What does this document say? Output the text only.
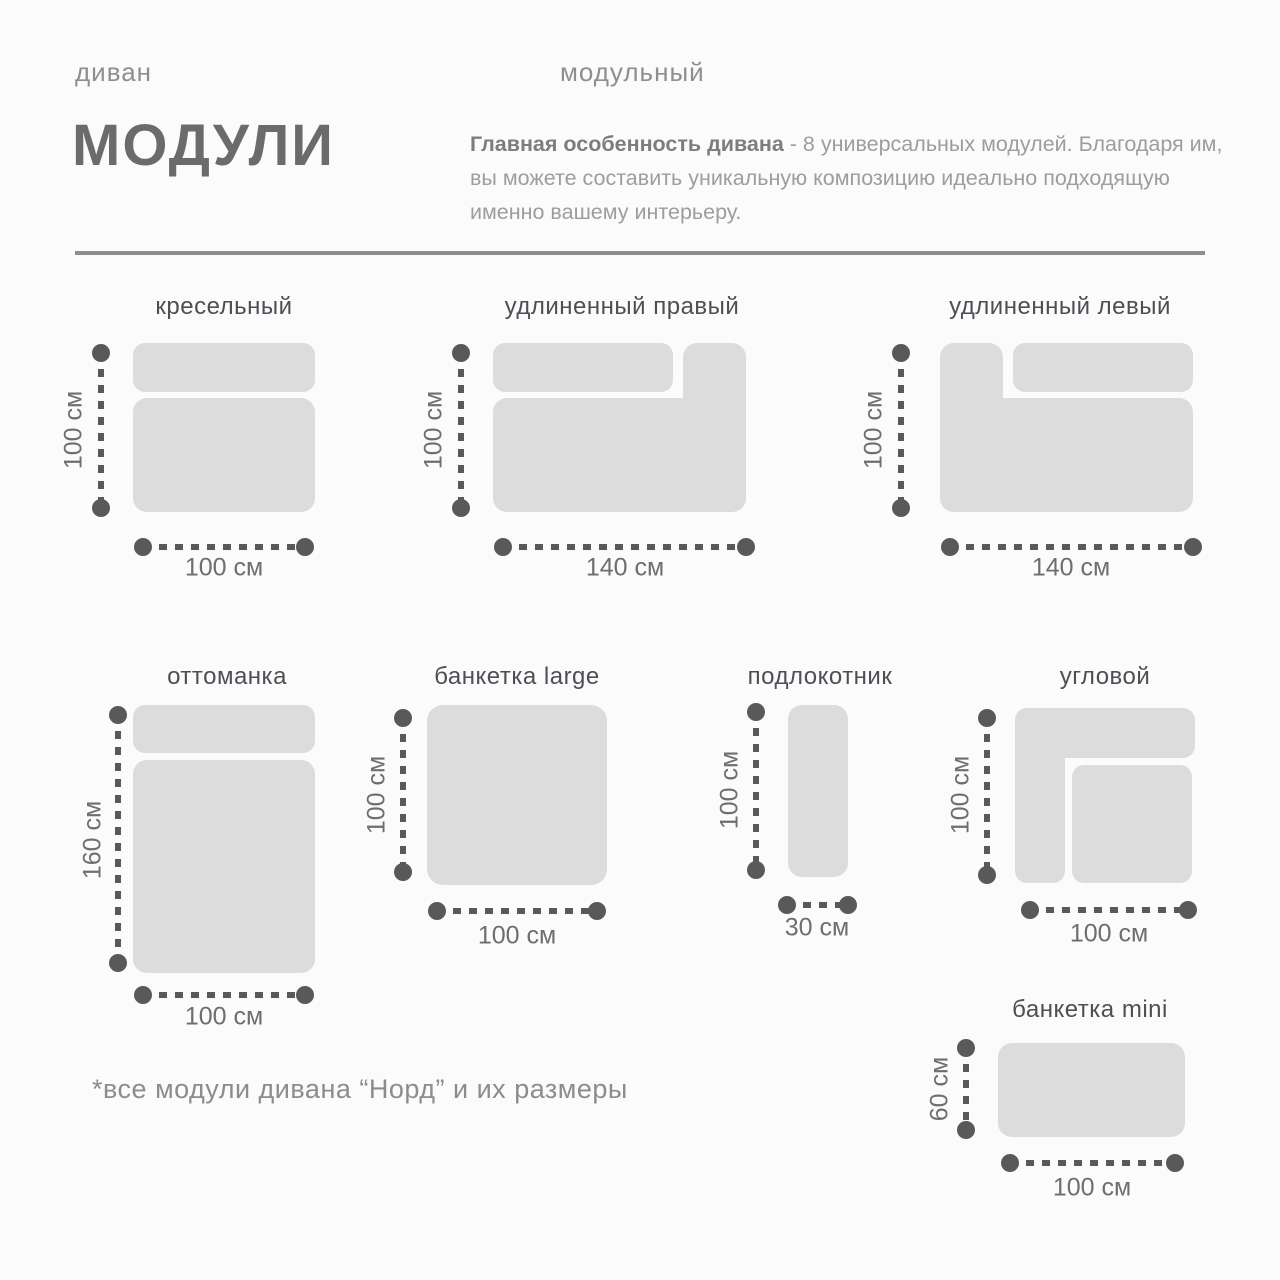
диван	модульный
МОДУЛИ	Главная особенность дивана - 8 универсальных модулей. Благодаря им,  вы можете составить уникальную композицию идеально подходящую именно вашему интерьеру.
кресельный
100 см
100 см
удлиненный правый
100 см
140 см
удлиненный левый
100 см
140 см
оттоманка
160 см
100 см
банкетка large
100 см
100 см
подлокотник
100 см
30 см
угловой
100 см
100 см
банкетка mini
60 см
100 см
*все модули дивана “Норд” и их размеры
